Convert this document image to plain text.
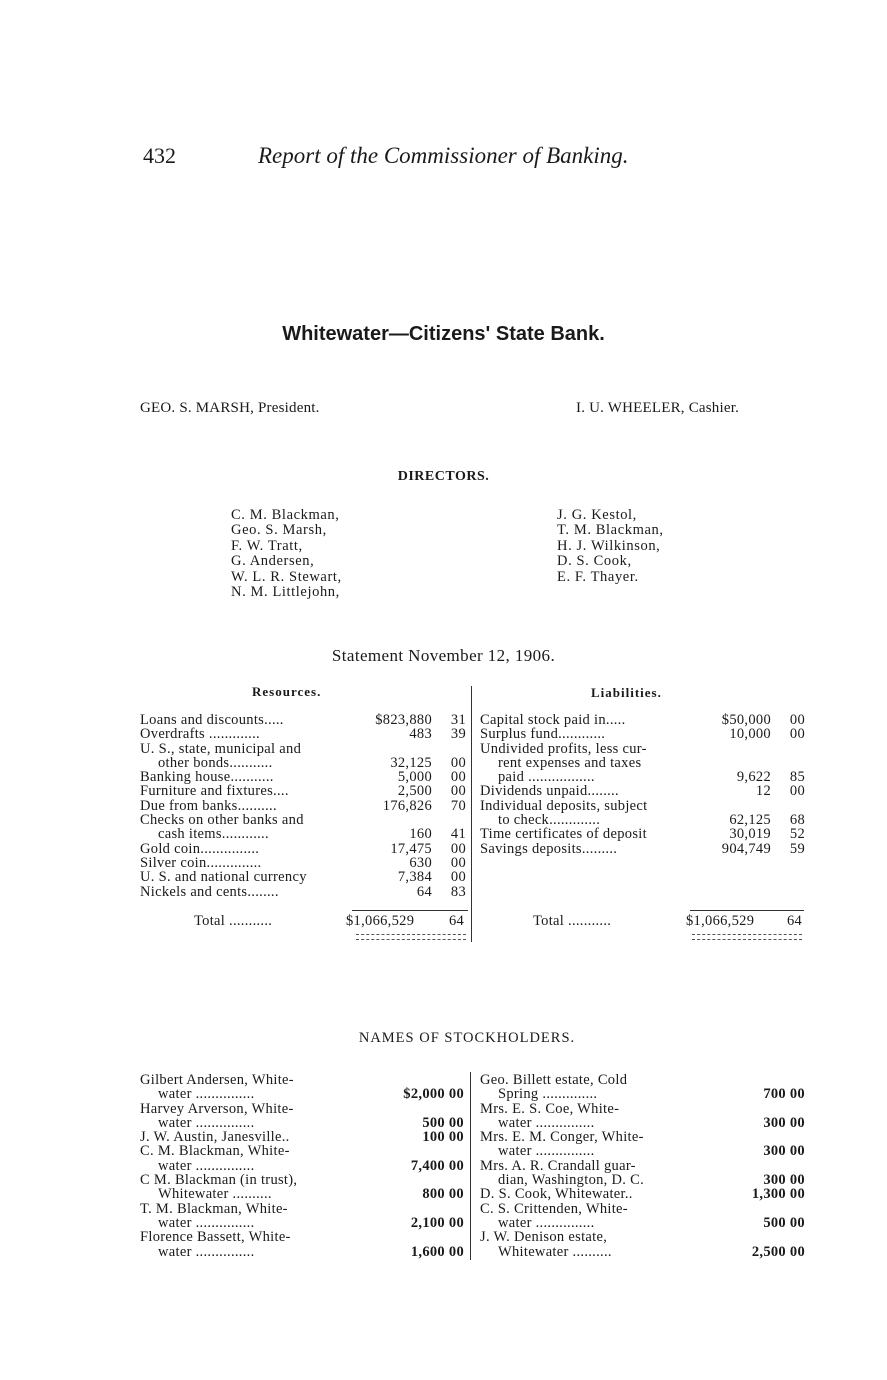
432	Report of the Commissioner of Banking.
Whitewater—Citizens' State Bank.
GEO. S. MARSH, President.	I. U. WHEELER, Cashier.
DIRECTORS.
C. M. Blackman,
Geo. S. Marsh,
F. W. Tratt,
G. Andersen,
W. L. R. Stewart,
N. M. Littlejohn,
J. G. Kestol,
T. M. Blackman,
H. J. Wilkinson,
D. S. Cook,
E. F. Thayer.
Statement November 12, 1906.
Resources.	Liabilities.
Loans and discounts.....	$823,880 31
Overdrafts .............	483 39
U. S., state, municipal and
other bonds...........	32,125 00
Banking house...........	5,000 00
Furniture and fixtures....	2,500 00
Due from banks..........	176,826 70
Checks on other banks and
cash items............	160 41
Gold coin...............	17,475 00
Silver coin..............	630 00
U. S. and national currency	7,384 00
Nickels and cents........	64 83
Capital stock paid in.....	$50,000 00
Surplus fund............	10,000 00
Undivided profits, less cur-
rent expenses and taxes
paid .................	9,622 85
Dividends unpaid........	12 00
Individual deposits, subject
to check.............	62,125 68
Time certificates of deposit	30,019 52
Savings deposits.........	904,749 59
Total ...........	$1,066,529 64	Total ...........	$1,066,529 64
NAMES OF STOCKHOLDERS.
Gilbert Andersen, White-
water ...............	$2,000 00
Harvey Arverson, White-
water ...............	500 00
J. W. Austin, Janesville..	100 00
C. M. Blackman, White-
water ...............	7,400 00
C M. Blackman (in trust),
Whitewater ..........	800 00
T. M. Blackman, White-
water ...............	2,100 00
Florence Bassett, White-
water ...............	1,600 00
Geo. Billett estate, Cold
Spring ..............	700 00
Mrs. E. S. Coe, White-
water ...............	300 00
Mrs. E. M. Conger, White-
water ...............	300 00
Mrs. A. R. Crandall guar-
dian, Washington, D. C.	300 00
D. S. Cook, Whitewater..	1,300 00
C. S. Crittenden, White-
water ...............	500 00
J. W. Denison estate,
Whitewater ..........	2,500 00
